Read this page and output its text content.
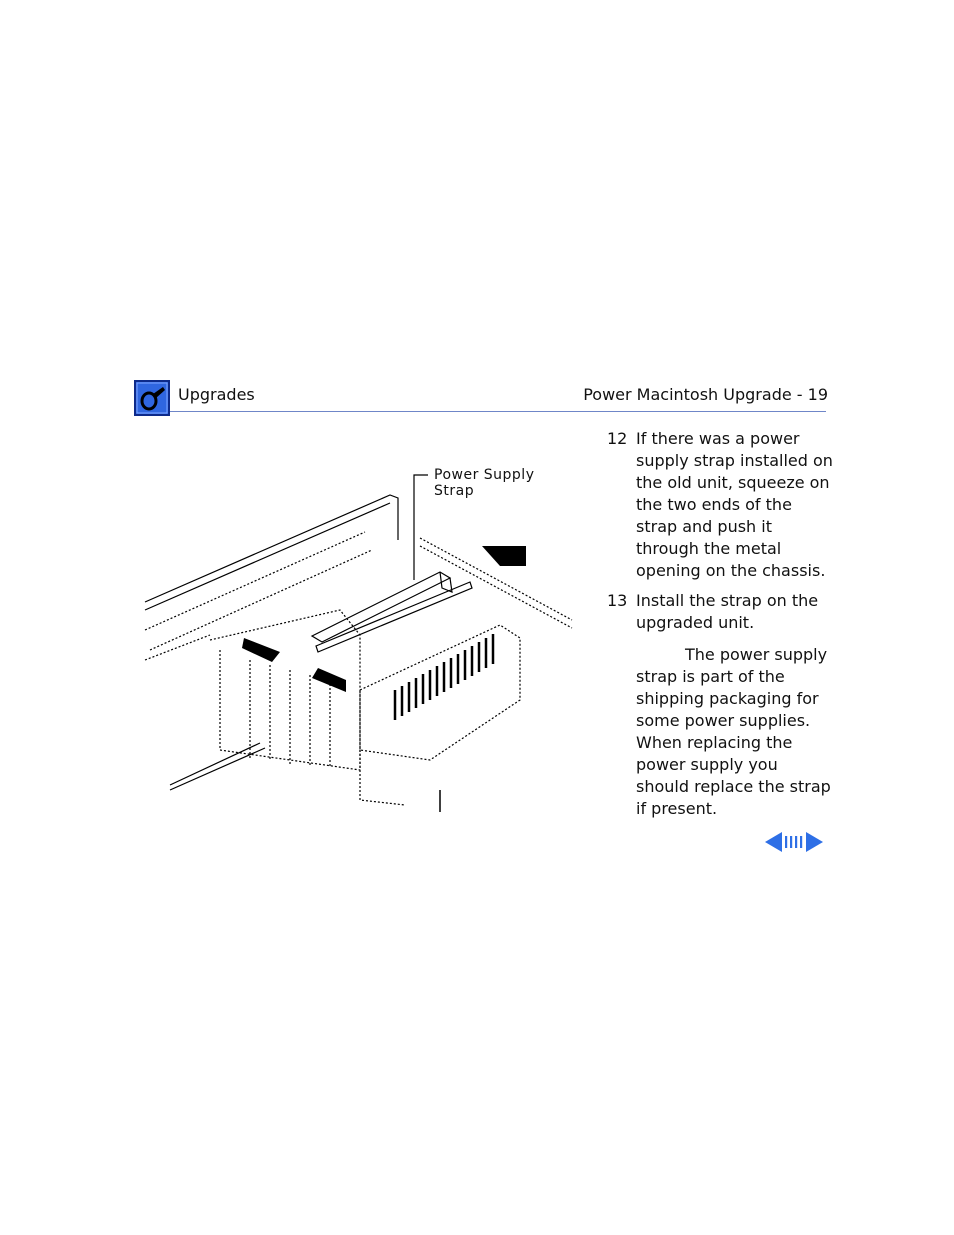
Upgrades	Power Macintosh Upgrade - 19
Power Supply
Strap
12 If there was a power supply strap installed on the old unit, squeeze on the two ends of the strap and push it through the metal opening on the chassis.
13 Install the strap on the upgraded unit.
The power supply strap is part of the shipping packaging for some power supplies. When replacing the power supply you should replace the strap if present.
